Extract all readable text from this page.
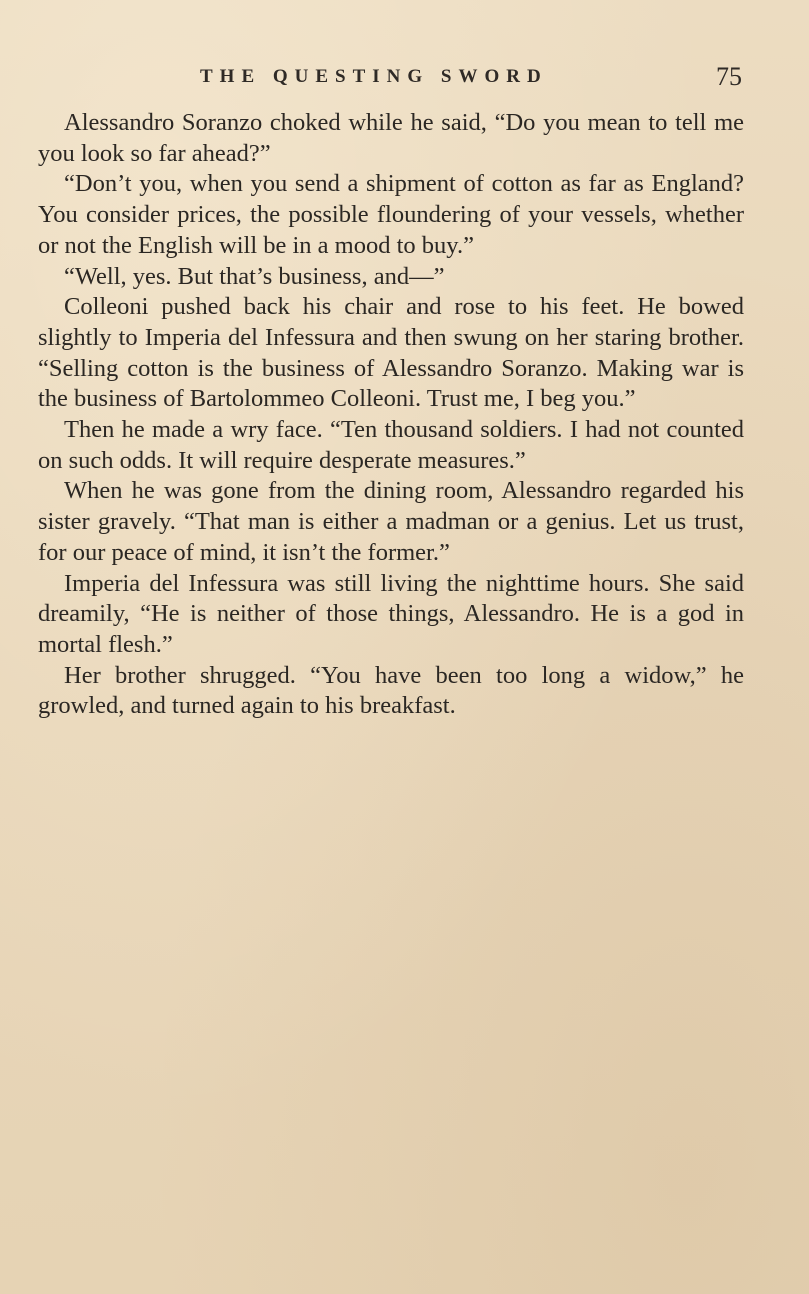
THE QUESTING SWORD	75

Alessandro Soranzo choked while he said, “Do you mean to tell me you look so far ahead?”

“Don’t you, when you send a shipment of cotton as far as England? You consider prices, the possible floundering of your vessels, whether or not the English will be in a mood to buy.”

“Well, yes. But that’s business, and—”

Colleoni pushed back his chair and rose to his feet. He bowed slightly to Imperia del Infessura and then swung on her staring brother. “Selling cotton is the business of Alessandro Soranzo. Making war is the business of Bartolommeo Colleoni. Trust me, I beg you.”

Then he made a wry face. “Ten thousand soldiers. I had not counted on such odds. It will require desperate measures.”

When he was gone from the dining room, Alessandro regarded his sister gravely. “That man is either a madman or a genius. Let us trust, for our peace of mind, it isn’t the former.”

Imperia del Infessura was still living the nighttime hours. She said dreamily, “He is neither of those things, Alessandro. He is a god in mortal flesh.”

Her brother shrugged. “You have been too long a widow,” he growled, and turned again to his breakfast.
